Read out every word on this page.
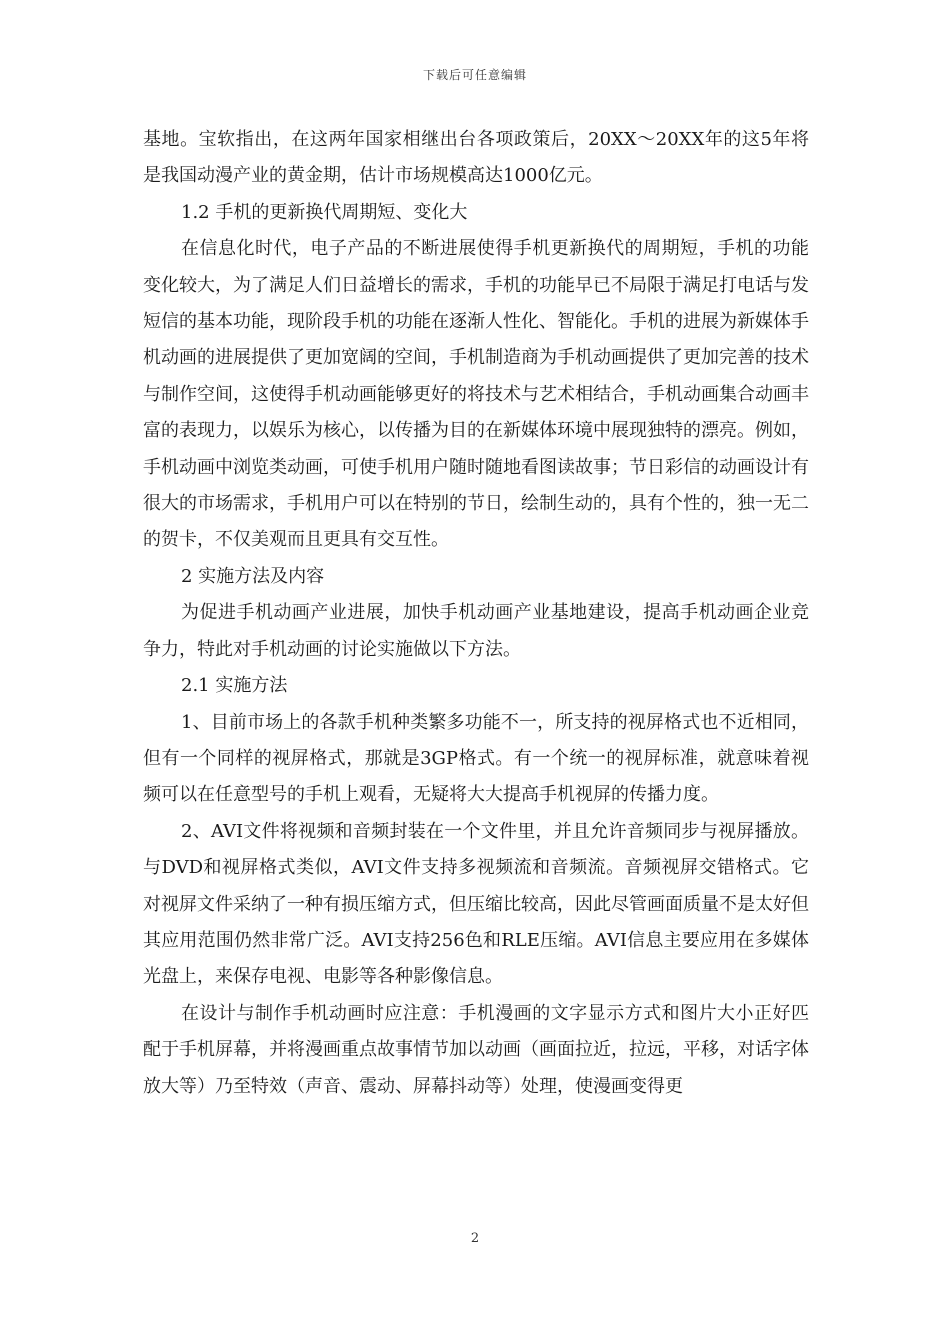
下载后可任意编辑

基地。宝软指出，在这两年国家相继出台各项政策后，20XX～20XX年的这5年将是我国动漫产业的黄金期，估计市场规模高达1000亿元。

1.2 手机的更新换代周期短、变化大

在信息化时代，电子产品的不断进展使得手机更新换代的周期短，手机的功能变化较大，为了满足人们日益增长的需求，手机的功能早已不局限于满足打电话与发短信的基本功能，现阶段手机的功能在逐渐人性化、智能化。手机的进展为新媒体手机动画的进展提供了更加宽阔的空间，手机制造商为手机动画提供了更加完善的技术与制作空间，这使得手机动画能够更好的将技术与艺术相结合，手机动画集合动画丰富的表现力，以娱乐为核心，以传播为目的在新媒体环境中展现独特的漂亮。例如，手机动画中浏览类动画，可使手机用户随时随地看图读故事；节日彩信的动画设计有很大的市场需求，手机用户可以在特别的节日，绘制生动的，具有个性的，独一无二的贺卡，不仅美观而且更具有交互性。

2 实施方法及内容

为促进手机动画产业进展，加快手机动画产业基地建设，提高手机动画企业竞争力，特此对手机动画的讨论实施做以下方法。

2.1 实施方法

1、目前市场上的各款手机种类繁多功能不一，所支持的视屏格式也不近相同，但有一个同样的视屏格式，那就是3GP格式。有一个统一的视屏标准，就意味着视频可以在任意型号的手机上观看，无疑将大大提高手机视屏的传播力度。

2、AVI文件将视频和音频封装在一个文件里，并且允许音频同步与视屏播放。与DVD和视屏格式类似，AVI文件支持多视频流和音频流。音频视屏交错格式。它对视屏文件采纳了一种有损压缩方式，但压缩比较高，因此尽管画面质量不是太好但其应用范围仍然非常广泛。AVI支持256色和RLE压缩。AVI信息主要应用在多媒体光盘上，来保存电视、电影等各种影像信息。

在设计与制作手机动画时应注意：手机漫画的文字显示方式和图片大小正好匹配于手机屏幕，并将漫画重点故事情节加以动画（画面拉近，拉远，平移，对话字体放大等）乃至特效（声音、震动、屏幕抖动等）处理，使漫画变得更

2
